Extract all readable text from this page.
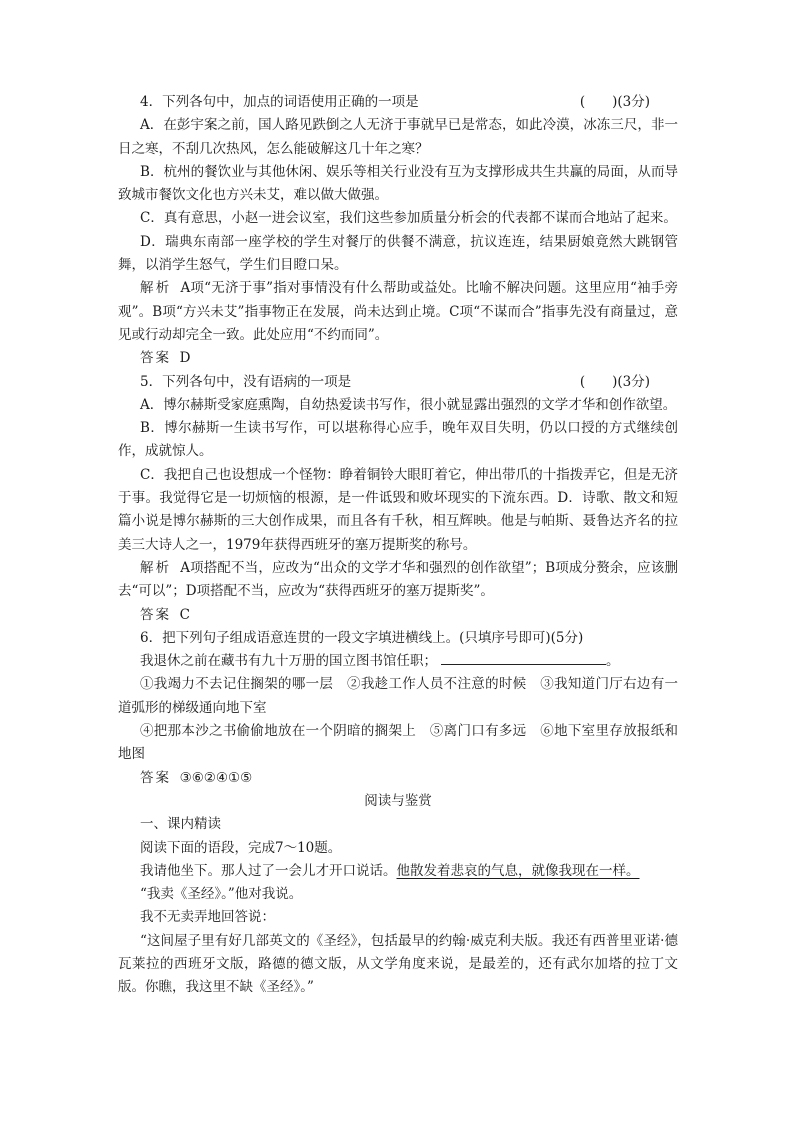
4．下列各句中，加点的词语使用正确的一项是	(　　)(3分)

A．在彭宇案之前，国人路见跌倒之人无济于事就早已是常态，如此冷漠，冰冻三尺，非一日之寒，不刮几次热风，怎么能破解这几十年之寒？

B．杭州的餐饮业与其他休闲、娱乐等相关行业没有互为支撑形成共生共赢的局面，从而导致城市餐饮文化也方兴未艾，难以做大做强。

C．真有意思，小赵一进会议室，我们这些参加质量分析会的代表都不谋而合地站了起来。

D．瑞典东南部一座学校的学生对餐厅的供餐不满意，抗议连连，结果厨娘竟然大跳钢管舞，以消学生怒气，学生们目瞪口呆。

解析 A项“无济于事”指对事情没有什么帮助或益处。比喻不解决问题。这里应用“袖手旁观”。B项“方兴未艾”指事物正在发展，尚未达到止境。C项“不谋而合”指事先没有商量过，意见或行动却完全一致。此处应用“不约而同”。

答案 D

5．下列各句中，没有语病的一项是	(　　)(3分)

A．博尔赫斯受家庭熏陶，自幼热爱读书写作，很小就显露出强烈的文学才华和创作欲望。

B．博尔赫斯一生读书写作，可以堪称得心应手，晚年双目失明，仍以口授的方式继续创作，成就惊人。

C．我把自己也设想成一个怪物：睁着铜铃大眼盯着它，伸出带爪的十指拨弄它，但是无济于事。我觉得它是一切烦恼的根源，是一件诋毁和败坏现实的下流东西。D．诗歌、散文和短篇小说是博尔赫斯的三大创作成果，而且各有千秋，相互辉映。他是与帕斯、聂鲁达齐名的拉美三大诗人之一，1979年获得西班牙的塞万提斯奖的称号。

解析 A项搭配不当，应改为“出众的文学才华和强烈的创作欲望”；B项成分赘余，应该删去“可以”；D项搭配不当，应改为“获得西班牙的塞万提斯奖”。

答案 C

6．把下列句子组成语意连贯的一段文字填进横线上。(只填序号即可)(5分)

我退休之前在藏书有九十万册的国立图书馆任职；	。

①我竭力不去记住搁架的哪一层　②我趁工作人员不注意的时候　③我知道门厅右边有一道弧形的梯级通向地下室

④把那本沙之书偷偷地放在一个阴暗的搁架上　⑤离门口有多远　⑥地下室里存放报纸和地图

答案 ③⑥②④①⑤

阅读与鉴赏

一、课内精读

阅读下面的语段，完成7～10题。

我请他坐下。那人过了一会儿才开口说话。他散发着悲哀的气息，就像我现在一样。

“我卖《圣经》。”他对我说。

我不无卖弄地回答说：

“这间屋子里有好几部英文的《圣经》，包括最早的约翰·威克利夫版。我还有西普里亚诺·德瓦莱拉的西班牙文版，路德的德文版，从文学角度来说，是最差的，还有武尔加塔的拉丁文版。你瞧，我这里不缺《圣经》。”
